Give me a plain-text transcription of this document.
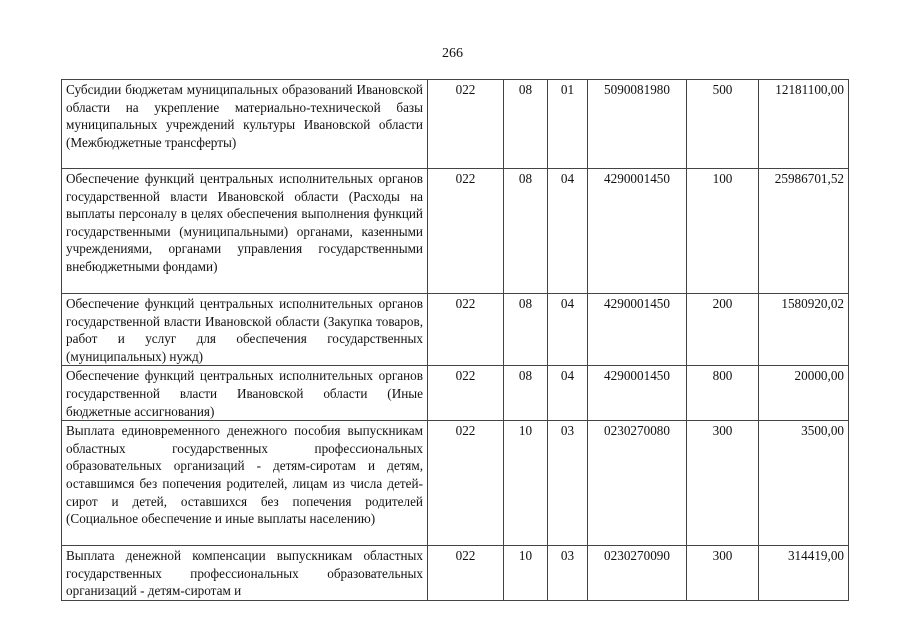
266
Субсидии бюджетам муниципальных образований Ивановской области на укрепление материально-технической базы муниципальных учреждений культуры Ивановской области (Межбюджетные трансферты)	022	08	01	5090081980	500	12181100,00
Обеспечение функций центральных исполнительных органов государственной власти Ивановской области (Расходы на выплаты персоналу в целях обеспечения выполнения функций государственными (муниципальными) органами, казенными учреждениями, органами управления государственными внебюджетными фондами)	022	08	04	4290001450	100	25986701,52
Обеспечение функций центральных исполнительных органов государственной власти Ивановской области (Закупка товаров, работ и услуг для обеспечения государственных (муниципальных) нужд)	022	08	04	4290001450	200	1580920,02
Обеспечение функций центральных исполнительных органов государственной власти Ивановской области (Иные бюджетные ассигнования)	022	08	04	4290001450	800	20000,00
Выплата единовременного денежного пособия выпускникам областных государственных профессиональных образовательных организаций - детям-сиротам и детям, оставшимся без попечения родителей, лицам из числа детей-сирот и детей, оставшихся без попечения родителей (Социальное обеспечение и иные выплаты населению)	022	10	03	0230270080	300	3500,00
Выплата денежной компенсации выпускникам областных государственных профессиональных образовательных организаций - детям-сиротам и	022	10	03	0230270090	300	314419,00
